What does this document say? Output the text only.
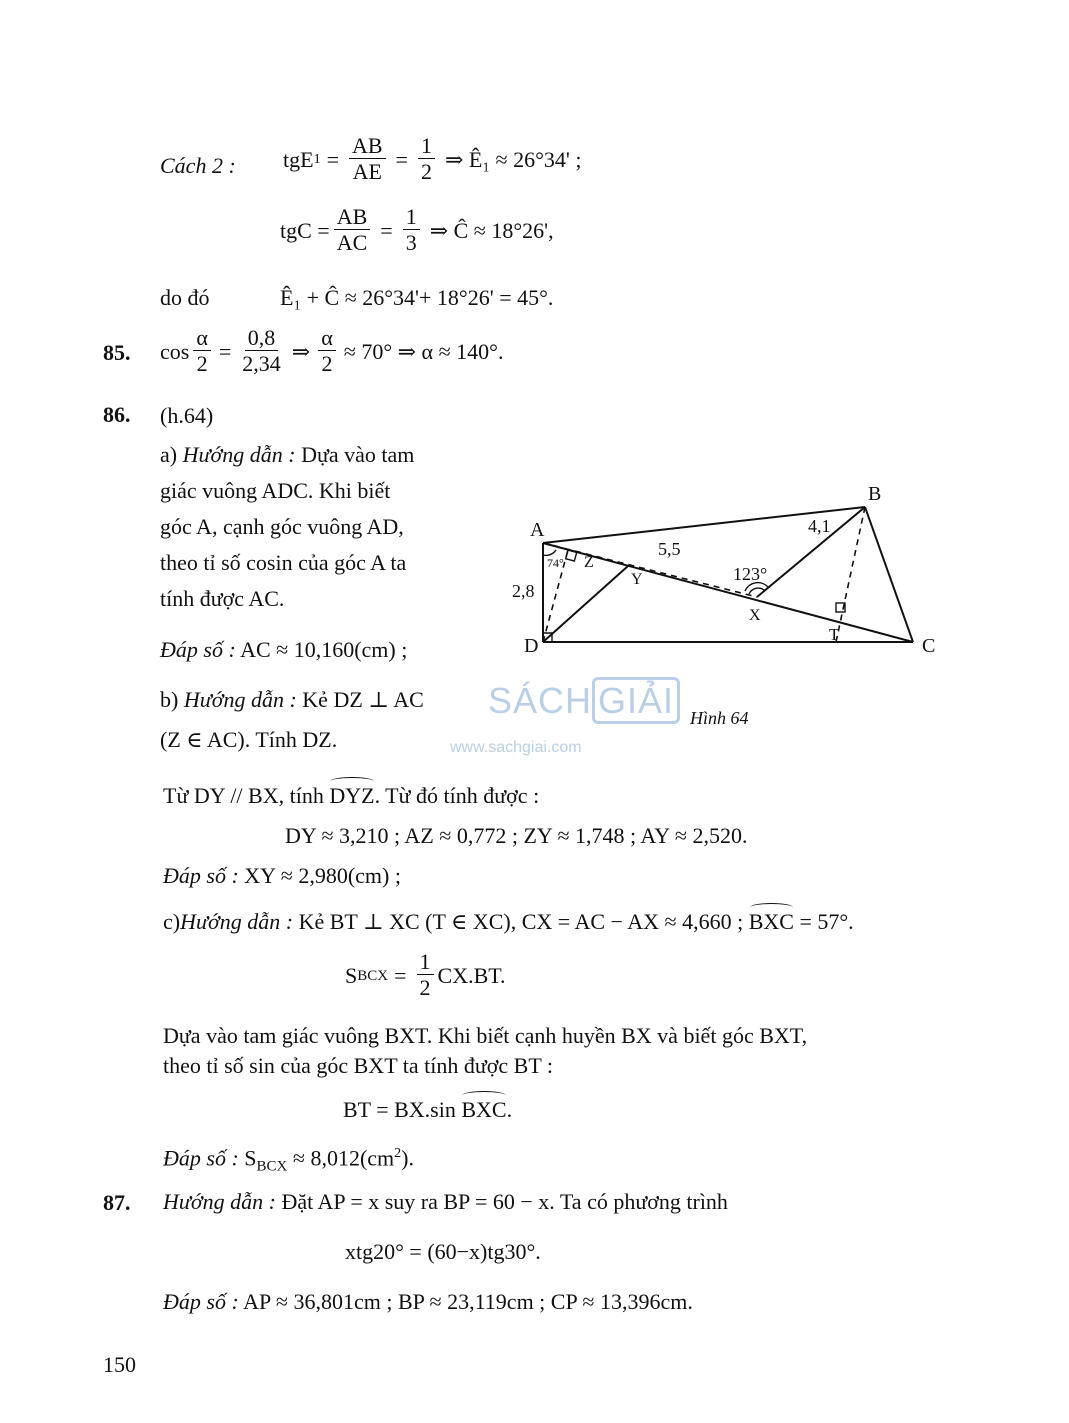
Cách 2 : tgE $1 = \frac{AB}{AE} = \frac{1}{2}$ ⇒ Ê₁ ≈ 26°34' ;
tgC = $\frac{AB}{AC} = \frac{1}{3}$ ⇒ Ĉ ≈ 18°26',
do đó	Ê₁ + Ĉ ≈ 26°34'+ 18°26' = 45°.
85. $\cos \frac{\alpha}{2} = \frac{0,8}{2,34}$ ⇒ $\frac{\alpha}{2} \approx 70^\circ$ ⇒ α ≈ 140°.
86. (h.64)
a) Hướng dẫn : Dựa vào tam
giác vuông ADC. Khi biết
góc A, cạnh góc vuông AD,
theo tỉ số cosin của góc A ta
tính được AC.
Đáp số : AC ≈ 10,160(cm) ;
b) Hướng dẫn : Kẻ DZ ⊥ AC
(Z ∈ AC). Tính DZ.
Từ DY // BX, tính DYZ. Từ đó tính được :
DY ≈ 3,210 ; AZ ≈ 0,772 ; ZY ≈ 1,748 ; AY ≈ 2,520.
Đáp số : XY ≈ 2,980(cm) ;
c)Hướng dẫn : Kẻ BT ⊥ XC (T ∈ XC), CX = AC − AX ≈ 4,660 ; BXC = 57°.
S BCX = $\frac{1}{2} CX.BT$.
Dựa vào tam giác vuông BXT. Khi biết cạnh huyền BX và biết góc BXT,
theo tỉ số sin của góc BXT ta tính được BT :
BT = BX.sin BXC.
Đáp số : $S_{BCX} \approx 8,012(cm^2)$.
A
B
C
D
X
Y
Z
T
2,8
5,5
4,1
74°
123°
Hình 64
SÁCH GIẢI
www.sachgiai.com
87. Hướng dẫn : Đặt AP = x suy ra BP = 60 − x. Ta có phương trình
xtg20° = (60−x)tg30°.
Đáp số : AP ≈ 36,801cm ; BP ≈ 23,119cm ; CP ≈ 13,396cm.
150
